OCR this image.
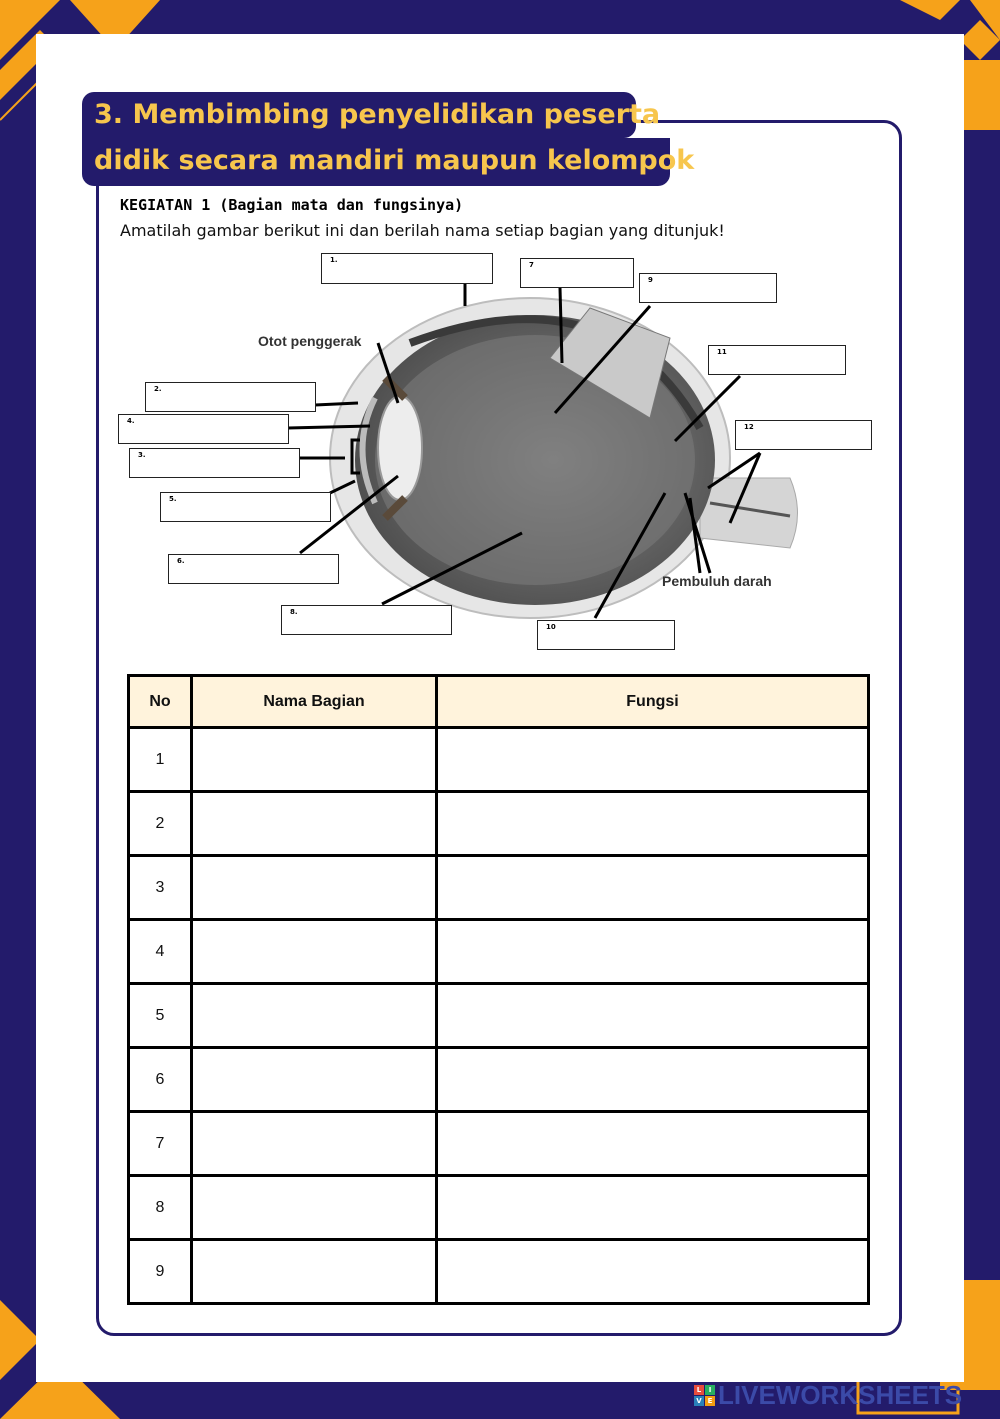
3. Membimbing penyelidikan peserta
didik secara mandiri maupun kelompok
KEGIATAN 1 (Bagian mata dan fungsinya)
Amatilah gambar berikut ini dan berilah nama setiap bagian yang ditunjuk!
1.
2.
3.
4.
5.
6.
7
8.
9
10
11
12
Otot penggerak
Pembuluh darah
No	Nama Bagian	Fungsi
1		
2		
3		
4		
5		
6		
7		
8		
9		
L	I
V E LIVEWORKSHEETS
